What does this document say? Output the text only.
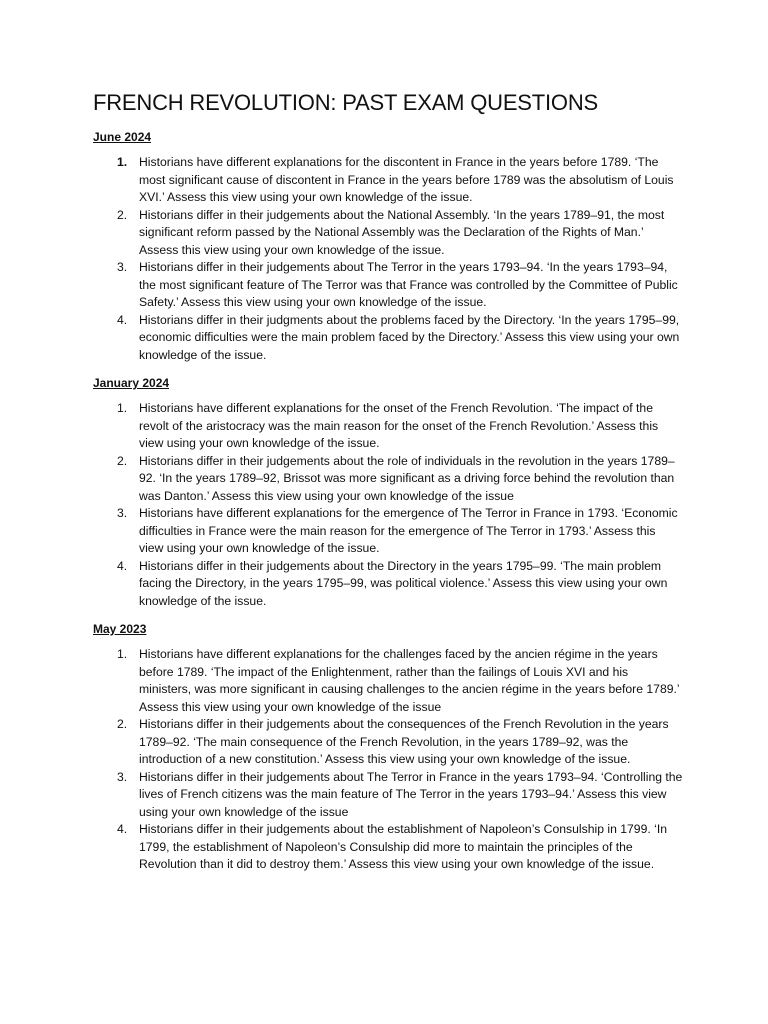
FRENCH REVOLUTION: PAST EXAM QUESTIONS
June 2024
1. Historians have different explanations for the discontent in France in the years before 1789. ‘The most significant cause of discontent in France in the years before 1789 was the absolutism of Louis XVI.’ Assess this view using your own knowledge of the issue.
2. Historians differ in their judgements about the National Assembly. ‘In the years 1789–91, the most significant reform passed by the National Assembly was the Declaration of the Rights of Man.’ Assess this view using your own knowledge of the issue.
3. Historians differ in their judgements about The Terror in the years 1793–94. ‘In the years 1793–94, the most significant feature of The Terror was that France was controlled by the Committee of Public Safety.’ Assess this view using your own knowledge of the issue.
4. Historians differ in their judgments about the problems faced by the Directory. ‘In the years 1795–99, economic difficulties were the main problem faced by the Directory.’ Assess this view using your own knowledge of the issue.
January 2024
1. Historians have different explanations for the onset of the French Revolution. ‘The impact of the revolt of the aristocracy was the main reason for the onset of the French Revolution.’ Assess this view using your own knowledge of the issue.
2. Historians differ in their judgements about the role of individuals in the revolution in the years 1789–92. ‘In the years 1789–92, Brissot was more significant as a driving force behind the revolution than was Danton.’ Assess this view using your own knowledge of the issue
3. Historians have different explanations for the emergence of The Terror in France in 1793. ‘Economic difficulties in France were the main reason for the emergence of The Terror in 1793.’ Assess this view using your own knowledge of the issue.
4. Historians differ in their judgements about the Directory in the years 1795–99. ‘The main problem facing the Directory, in the years 1795–99, was political violence.’ Assess this view using your own knowledge of the issue.
May 2023
1. Historians have different explanations for the challenges faced by the ancien régime in the years before 1789. ‘The impact of the Enlightenment, rather than the failings of Louis XVI and his ministers, was more significant in causing challenges to the ancien régime in the years before 1789.’ Assess this view using your own knowledge of the issue
2. Historians differ in their judgements about the consequences of the French Revolution in the years 1789–92. ‘The main consequence of the French Revolution, in the years 1789–92, was the introduction of a new constitution.’ Assess this view using your own knowledge of the issue.
3. Historians differ in their judgements about The Terror in France in the years 1793–94. ‘Controlling the lives of French citizens was the main feature of The Terror in the years 1793–94.’ Assess this view using your own knowledge of the issue
4. Historians differ in their judgements about the establishment of Napoleon’s Consulship in 1799. ‘In 1799, the establishment of Napoleon’s Consulship did more to maintain the principles of the Revolution than it did to destroy them.’ Assess this view using your own knowledge of the issue.
